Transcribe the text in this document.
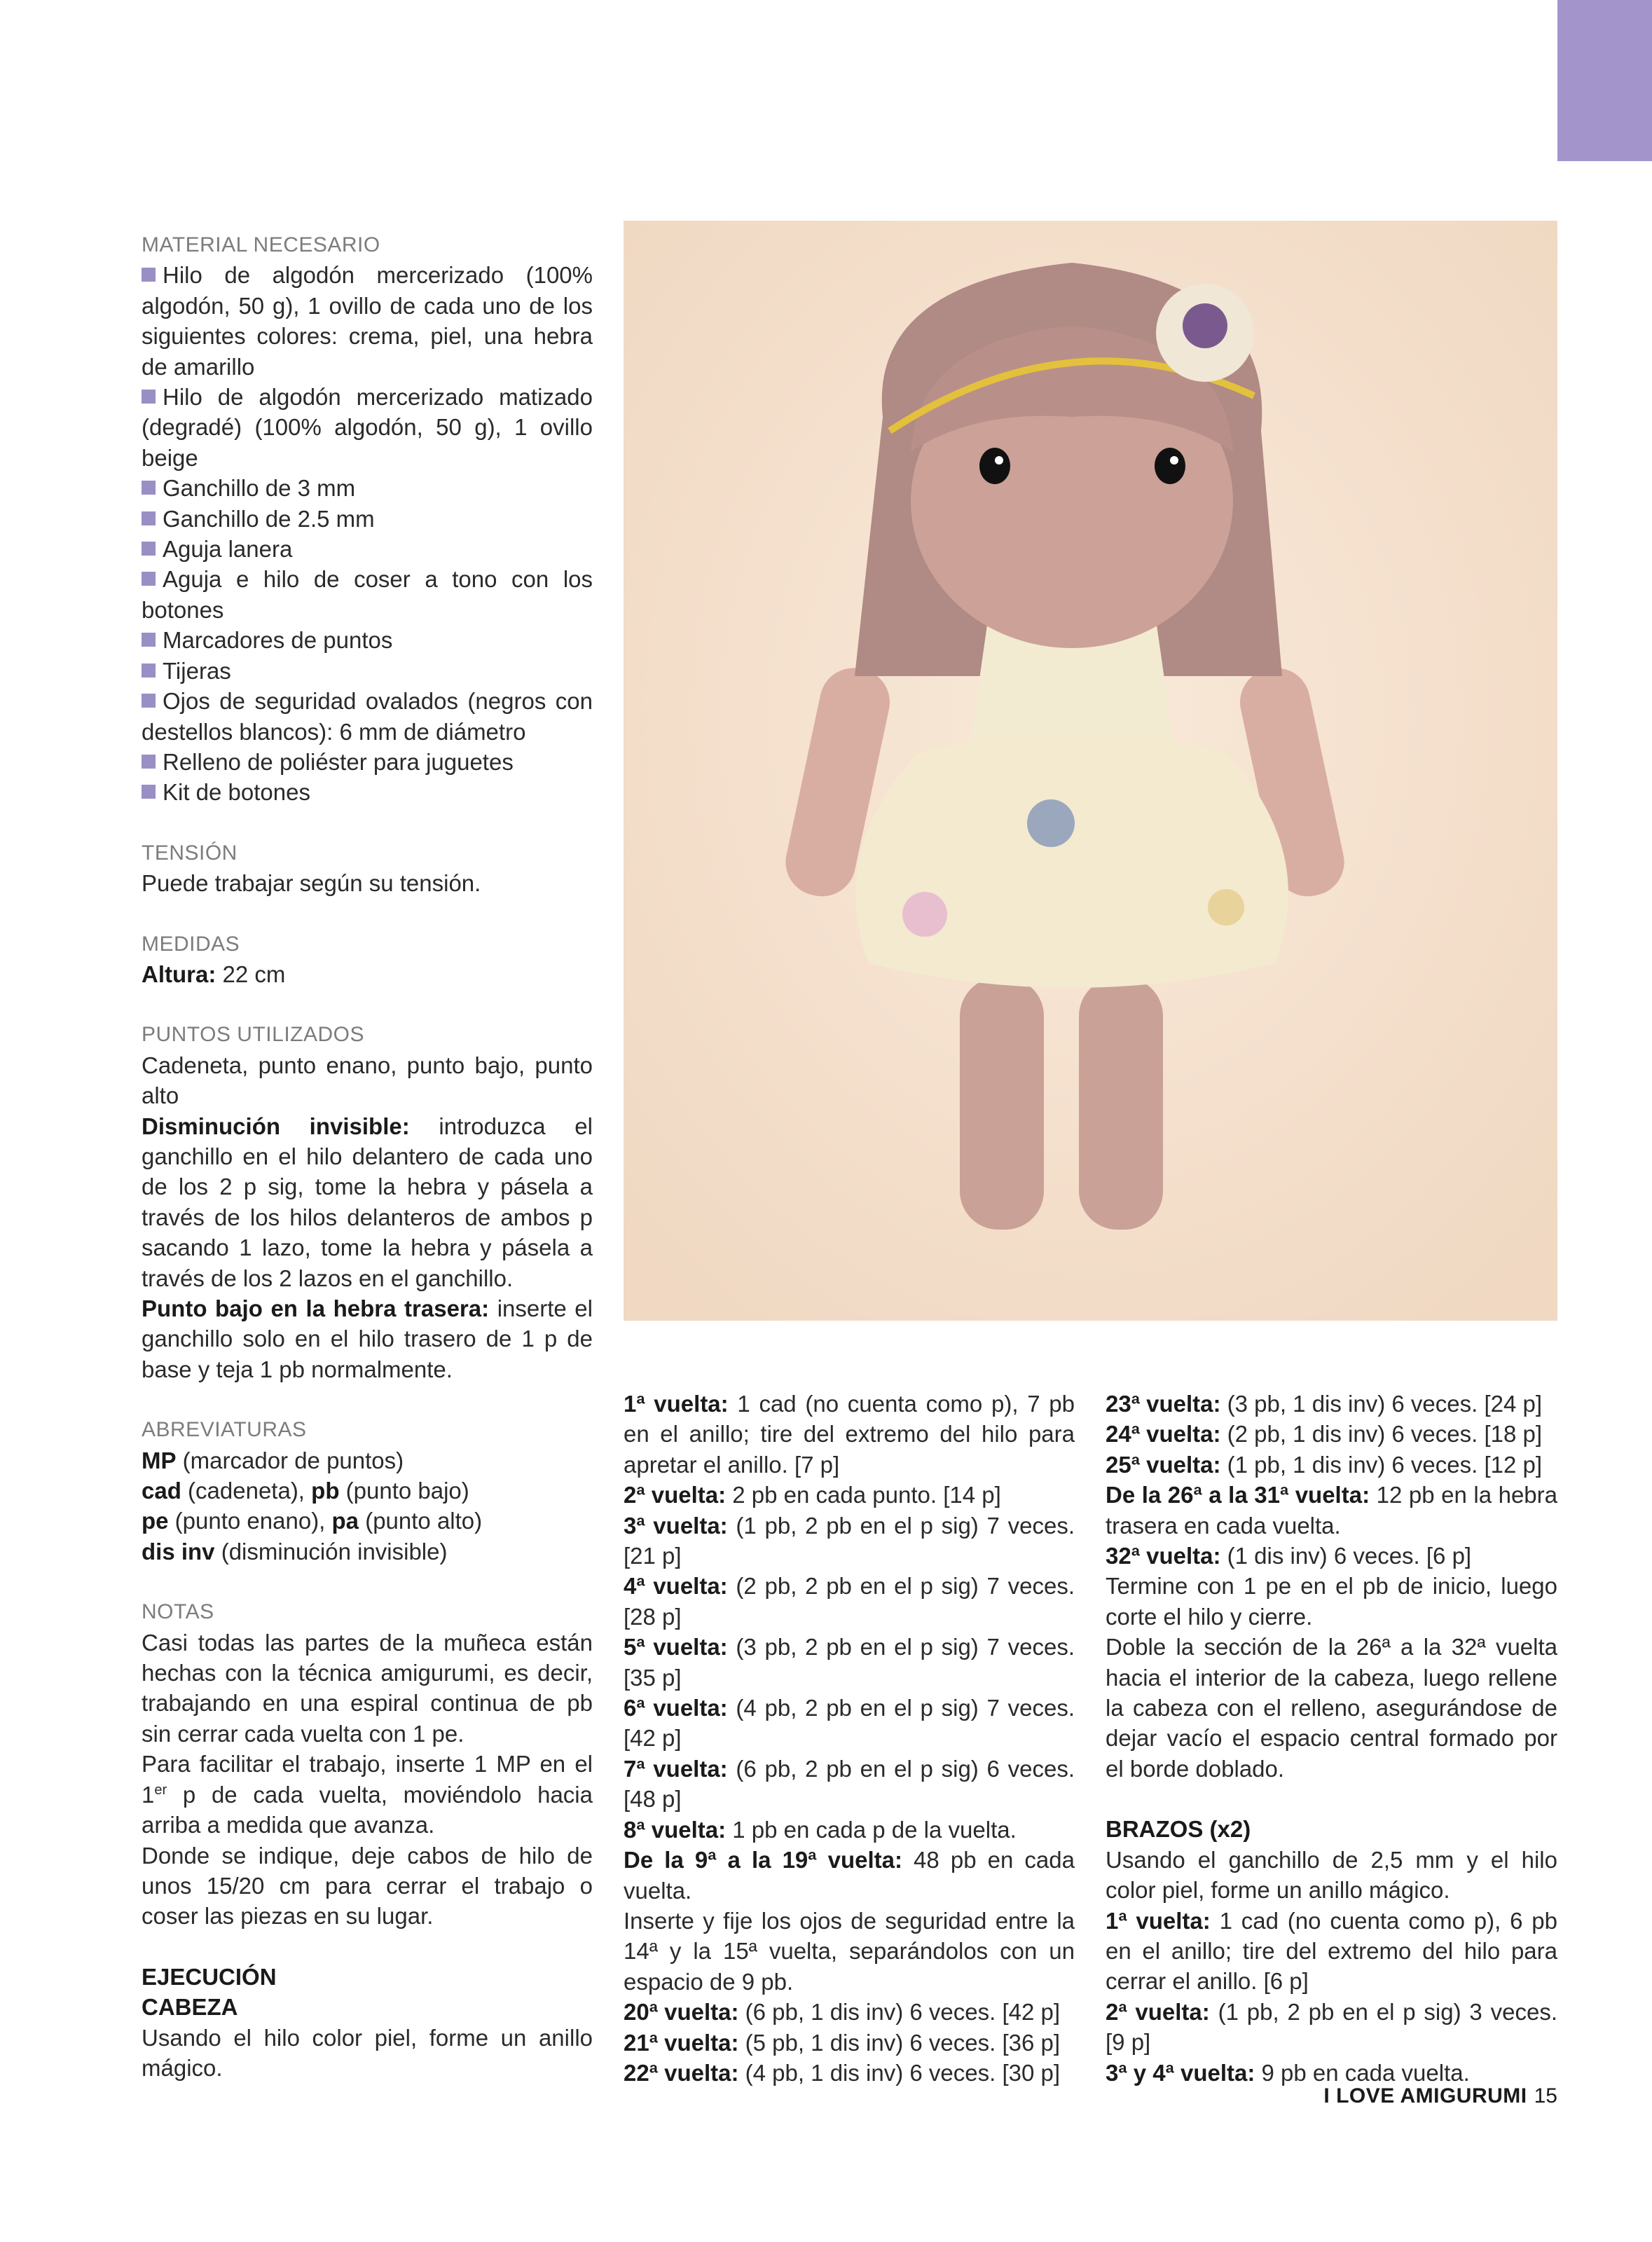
MATERIAL NECESARIO

Hilo de algodón mercerizado (100% algodón, 50 g), 1 ovillo de cada uno de los siguientes colores: crema, piel, una hebra de amarillo

Hilo de algodón mercerizado matizado (degradé) (100% algodón, 50 g), 1 ovillo beige

Ganchillo de 3 mm

Ganchillo de 2.5 mm

Aguja lanera

Aguja e hilo de coser a tono con los botones

Marcadores de puntos

Tijeras

Ojos de seguridad ovalados (negros con destellos blancos): 6 mm de diámetro

Relleno de poliéster para juguetes

Kit de botones

TENSIÓN

Puede trabajar según su tensión.

MEDIDAS

Altura: 22 cm

PUNTOS UTILIZADOS

Cadeneta, punto enano, punto bajo, punto alto

Disminución invisible: introduzca el ganchillo en el hilo delantero de cada uno de los 2 p sig, tome la hebra y pásela a través de los hilos delanteros de ambos p sacando 1 lazo, tome la hebra y pásela a través de los 2 lazos en el ganchillo.

Punto bajo en la hebra trasera: inserte el ganchillo solo en el hilo trasero de 1 p de base y teja 1 pb normalmente.

ABREVIATURAS

MP (marcador de puntos)

cad (cadeneta), pb (punto bajo)

pe (punto enano), pa (punto alto)

dis inv (disminución invisible)

NOTAS

Casi todas las partes de la muñeca están hechas con la técnica amigurumi, es decir, trabajando en una espiral continua de pb sin cerrar cada vuelta con 1 pe.

Para facilitar el trabajo, inserte 1 MP en el 1er p de cada vuelta, moviéndolo hacia arriba a medida que avanza.

Donde se indique, deje cabos de hilo de unos 15/20 cm para cerrar el trabajo o coser las piezas en su lugar.

EJECUCIÓN

CABEZA

Usando el hilo color piel, forme un anillo mágico.

1ª vuelta: 1 cad (no cuenta como p), 7 pb en el anillo; tire del extremo del hilo para apretar el anillo. [7 p]

2ª vuelta: 2 pb en cada punto. [14 p]

3ª vuelta: (1 pb, 2 pb en el p sig) 7 veces. [21 p]

4ª vuelta: (2 pb, 2 pb en el p sig) 7 veces. [28 p]

5ª vuelta: (3 pb, 2 pb en el p sig) 7 veces. [35 p]

6ª vuelta: (4 pb, 2 pb en el p sig) 7 veces. [42 p]

7ª vuelta: (6 pb, 2 pb en el p sig) 6 veces. [48 p]

8ª vuelta: 1 pb en cada p de la vuelta.

De la 9ª a la 19ª vuelta: 48 pb en cada vuelta.

Inserte y fije los ojos de seguridad entre la 14ª y la 15ª vuelta, separándolos con un espacio de 9 pb.

20ª vuelta: (6 pb, 1 dis inv) 6 veces. [42 p]

21ª vuelta: (5 pb, 1 dis inv) 6 veces. [36 p]

22ª vuelta: (4 pb, 1 dis inv) 6 veces. [30 p]

23ª vuelta: (3 pb, 1 dis inv) 6 veces. [24 p]

24ª vuelta: (2 pb, 1 dis inv) 6 veces. [18 p]

25ª vuelta: (1 pb, 1 dis inv) 6 veces. [12 p]

De la 26ª a la 31ª vuelta: 12 pb en la hebra trasera en cada vuelta.

32ª vuelta: (1 dis inv) 6 veces. [6 p]

Termine con 1 pe en el pb de inicio, luego corte el hilo y cierre.

Doble la sección de la 26ª a la 32ª vuelta hacia el interior de la cabeza, luego rellene la cabeza con el relleno, asegurándose de dejar vacío el espacio central formado por el borde doblado.

BRAZOS (x2)

Usando el ganchillo de 2,5 mm y el hilo color piel, forme un anillo mágico.

1ª vuelta: 1 cad (no cuenta como p), 6 pb en el anillo; tire del extremo del hilo para cerrar el anillo. [6 p]

2ª vuelta: (1 pb, 2 pb en el p sig) 3 veces. [9 p]

3ª y 4ª vuelta: 9 pb en cada vuelta.

I LOVE AMIGURUMI 15
